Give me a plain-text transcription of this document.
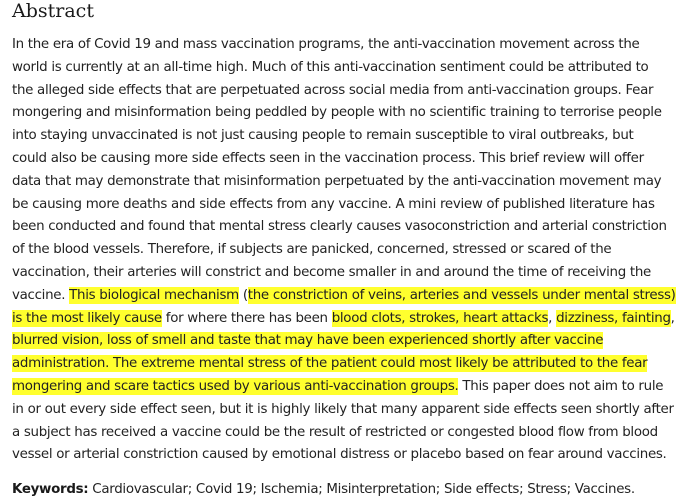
Abstract
In the era of Covid 19 and mass vaccination programs, the anti-vaccination movement across the
world is currently at an all-time high. Much of this anti-vaccination sentiment could be attributed to
the alleged side effects that are perpetuated across social media from anti-vaccination groups. Fear
mongering and misinformation being peddled by people with no scientific training to terrorise people
into staying unvaccinated is not just causing people to remain susceptible to viral outbreaks, but
could also be causing more side effects seen in the vaccination process. This brief review will offer
data that may demonstrate that misinformation perpetuated by the anti-vaccination movement may
be causing more deaths and side effects from any vaccine. A mini review of published literature has
been conducted and found that mental stress clearly causes vasoconstriction and arterial constriction
of the blood vessels. Therefore, if subjects are panicked, concerned, stressed or scared of the
vaccination, their arteries will constrict and become smaller in and around the time of receiving the
vaccine. This biological mechanism (the constriction of veins, arteries and vessels under mental stress)
is the most likely cause for where there has been blood clots, strokes, heart attacks, dizziness, fainting,
blurred vision, loss of smell and taste that may have been experienced shortly after vaccine
administration. The extreme mental stress of the patient could most likely be attributed to the fear
mongering and scare tactics used by various anti-vaccination groups. This paper does not aim to rule
in or out every side effect seen, but it is highly likely that many apparent side effects seen shortly after
a subject has received a vaccine could be the result of restricted or congested blood flow from blood
vessel or arterial constriction caused by emotional distress or placebo based on fear around vaccines.
Keywords: Cardiovascular; Covid 19; Ischemia; Misinterpretation; Side effects; Stress; Vaccines.
